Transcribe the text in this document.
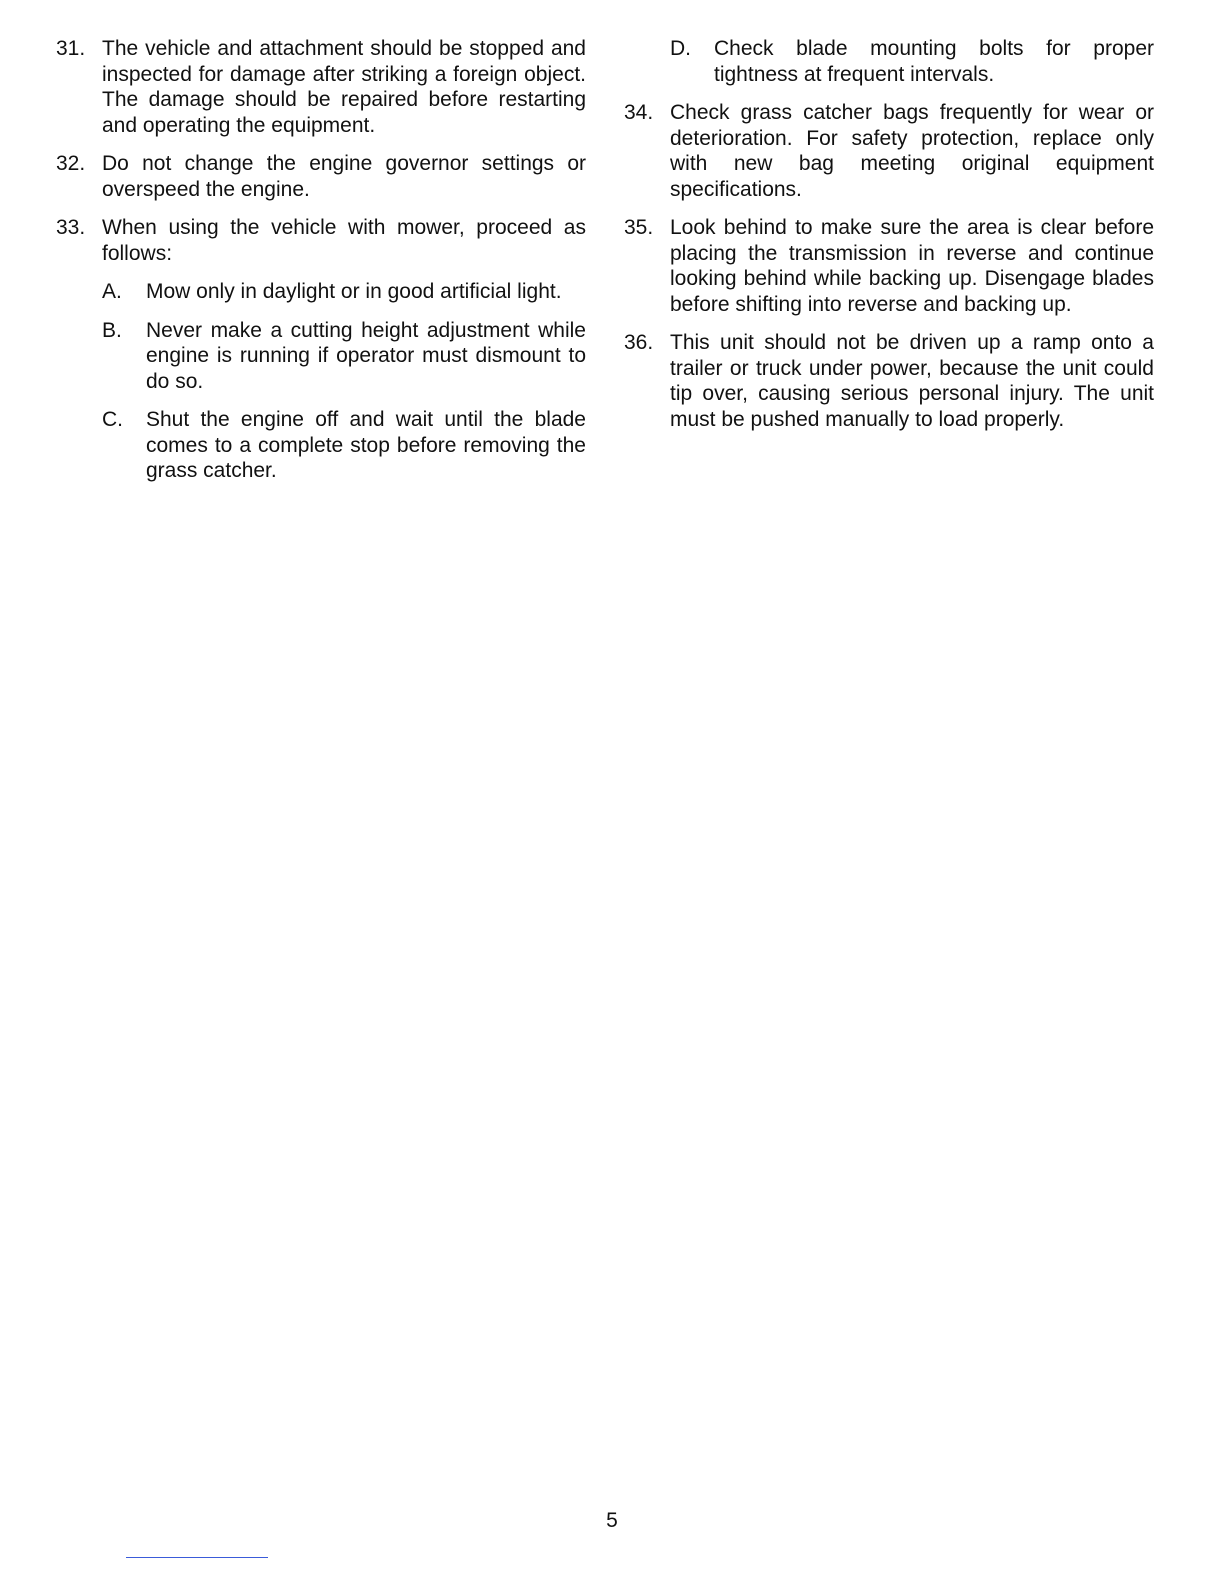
31. The vehicle and attachment should be stopped and inspected for damage after striking a foreign object. The damage should be repaired before restarting and operating the equipment.
32. Do not change the engine governor settings or overspeed the engine.
33. When using the vehicle with mower, proceed as follows:
A.	Mow only in daylight or in good artificial light.
B.	Never make a cutting height adjustment while engine is running if operator must dismount to do so.
C.	Shut the engine off and wait until the blade comes to a complete stop before removing the grass catcher.
D.	Check blade mounting bolts for proper tightness at frequent intervals.
34. Check grass catcher bags frequently for wear or deterioration. For safety protection, replace only with new bag meeting original equipment specifications.
35. Look behind to make sure the area is clear before placing the transmission in reverse and continue looking behind while backing up. Disengage blades before shifting into reverse and backing up.
36. This unit should not be driven up a ramp onto a trailer or truck under power, because the unit could tip over, causing serious personal injury. The unit must be pushed manually to load properly.
5
